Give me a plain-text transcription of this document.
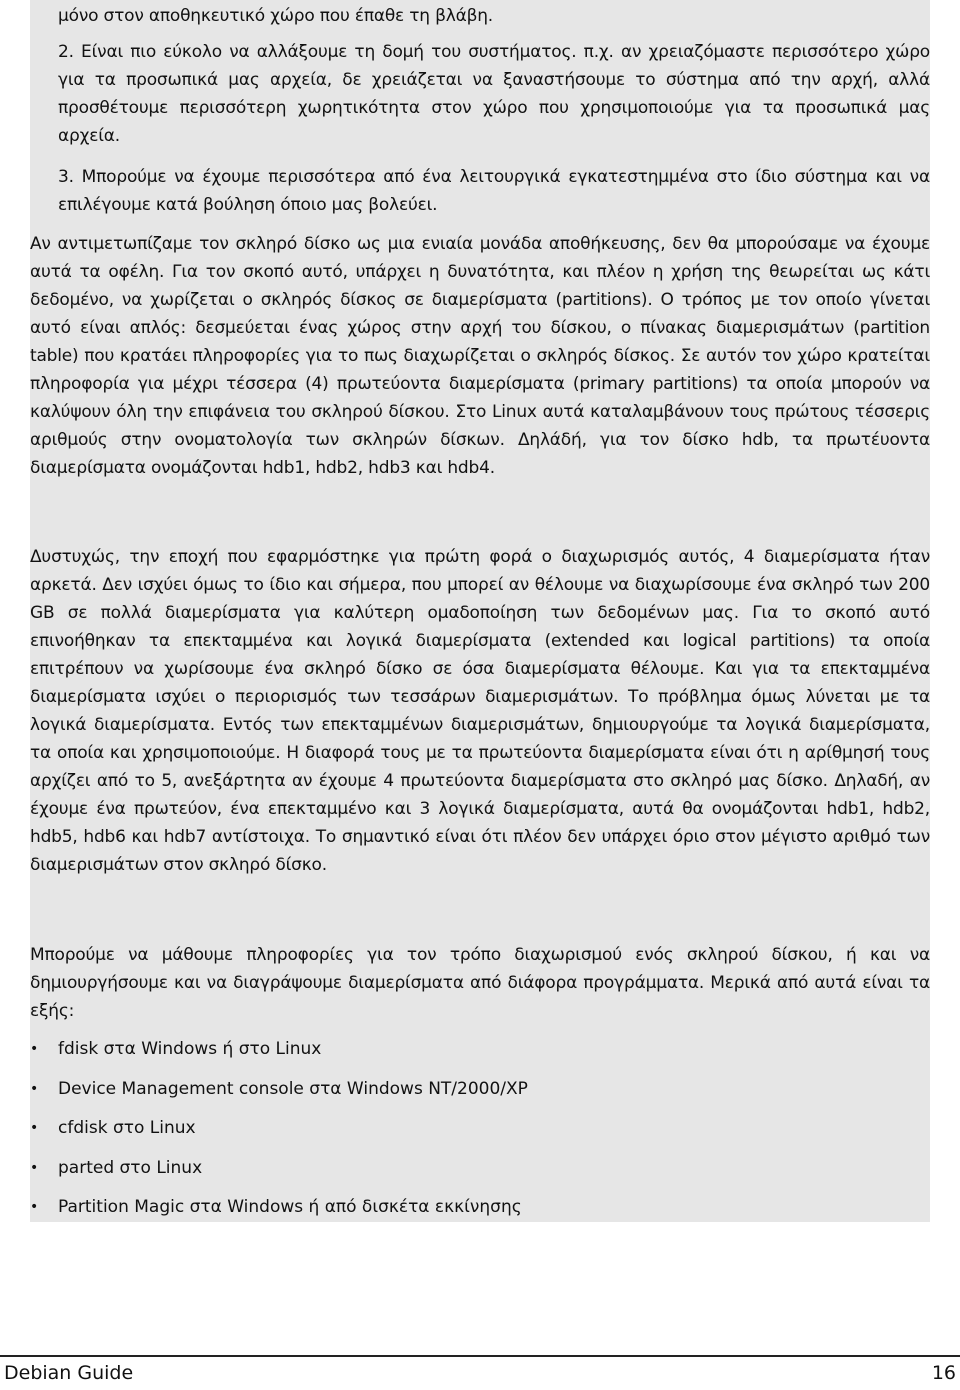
μόνο στον αποθηκευτικό χώρο που έπαθε τη βλάβη.

2. Είναι πιο εύκολο να αλλάξουμε τη δομή του συστήματος. π.χ. αν χρειαζόμαστε περισσότερο χώρο για τα προσωπικά μας αρχεία, δε χρειάζεται να ξαναστήσουμε το σύστημα από την αρχή, αλλά προσθέτουμε περισσότερη χωρητικότητα στον χώρο που χρησιμοποιούμε για τα προσωπικά μας αρχεία.

3. Μπορούμε να έχουμε περισσότερα από ένα λειτουργικά εγκατεστημμένα στο ίδιο σύστημα και να επιλέγουμε κατά βούληση όποιο μας βολεύει.

Αν αντιμετωπίζαμε τον σκληρό δίσκο ως μια ενιαία μονάδα αποθήκευσης, δεν θα μπορούσαμε να έχουμε αυτά τα οφέλη. Για τον σκοπό αυτό, υπάρχει η δυνατότητα, και πλέον η χρήση της θεωρείται ως κάτι δεδομένο, να χωρίζεται ο σκληρός δίσκος σε διαμερίσματα (partitions). Ο τρόπος με τον οποίο γίνεται αυτό είναι απλός: δεσμεύεται ένας χώρος στην αρχή του δίσκου, ο πίνακας διαμερισμάτων (partition table) που κρατάει πληροφορίες για το πως διαχωρίζεται ο σκληρός δίσκος. Σε αυτόν τον χώρο κρατείται πληροφορία για μέχρι τέσσερα (4) πρωτεύοντα διαμερίσματα (primary partitions) τα οποία μπορούν να καλύψουν όλη την επιφάνεια του σκληρού δίσκου. Στο Linux αυτά καταλαμβάνουν τους πρώτους τέσσερις αριθμούς στην ονοματολογία των σκληρών δίσκων. Δηλάδή, για τον δίσκο hdb, τα πρωτέυοντα διαμερίσματα ονομάζονται hdb1, hdb2, hdb3 και hdb4.

Δυστυχώς, την εποχή που εφαρμόστηκε για πρώτη φορά ο διαχωρισμός αυτός, 4 διαμερίσματα ήταν αρκετά. Δεν ισχύει όμως το ίδιο και σήμερα, που μπορεί αν θέλουμε να διαχωρίσουμε ένα σκληρό των 200 GB σε πολλά διαμερίσματα για καλύτερη ομαδοποίηση των δεδομένων μας. Για το σκοπό αυτό επινοήθηκαν τα επεκταμμένα και λογικά διαμερίσματα (extended και logical partitions) τα οποία επιτρέπουν να χωρίσουμε ένα σκληρό δίσκο σε όσα διαμερίσματα θέλουμε. Και για τα επεκταμμένα διαμερίσματα ισχύει ο περιορισμός των τεσσάρων διαμερισμάτων. Το πρόβλημα όμως λύνεται με τα λογικά διαμερίσματα. Εντός των επεκταμμένων διαμερισμάτων, δημιουργούμε τα λογικά διαμερίσματα, τα οποία και χρησιμοποιούμε. Η διαφορά τους με τα πρωτεύοντα διαμερίσματα είναι ότι η αρίθμησή τους αρχίζει από το 5, ανεξάρτητα αν έχουμε 4 πρωτεύοντα διαμερίσματα στο σκληρό μας δίσκο. Δηλαδή, αν έχουμε ένα πρωτεύον, ένα επεκταμμένο και 3 λογικά διαμερίσματα, αυτά θα ονομάζονται hdb1, hdb2, hdb5, hdb6 και hdb7 αντίστοιχα. Το σημαντικό είναι ότι πλέον δεν υπάρχει όριο στον μέγιστο αριθμό των διαμερισμάτων στον σκληρό δίσκο.

Μπορούμε να μάθουμε πληροφορίες για τον τρόπο διαχωρισμού ενός σκληρού δίσκου, ή και να δημιουργήσουμε και να διαγράψουμε διαμερίσματα από διάφορα προγράμματα. Μερικά από αυτά είναι τα εξής:

• fdisk στα Windows ή στο Linux
• Device Management console στα Windows NT/2000/XP
• cfdisk στο Linux
• parted στο Linux
• Partition Magic στα Windows ή από δισκέτα εκκίνησης
Debian Guide	16
